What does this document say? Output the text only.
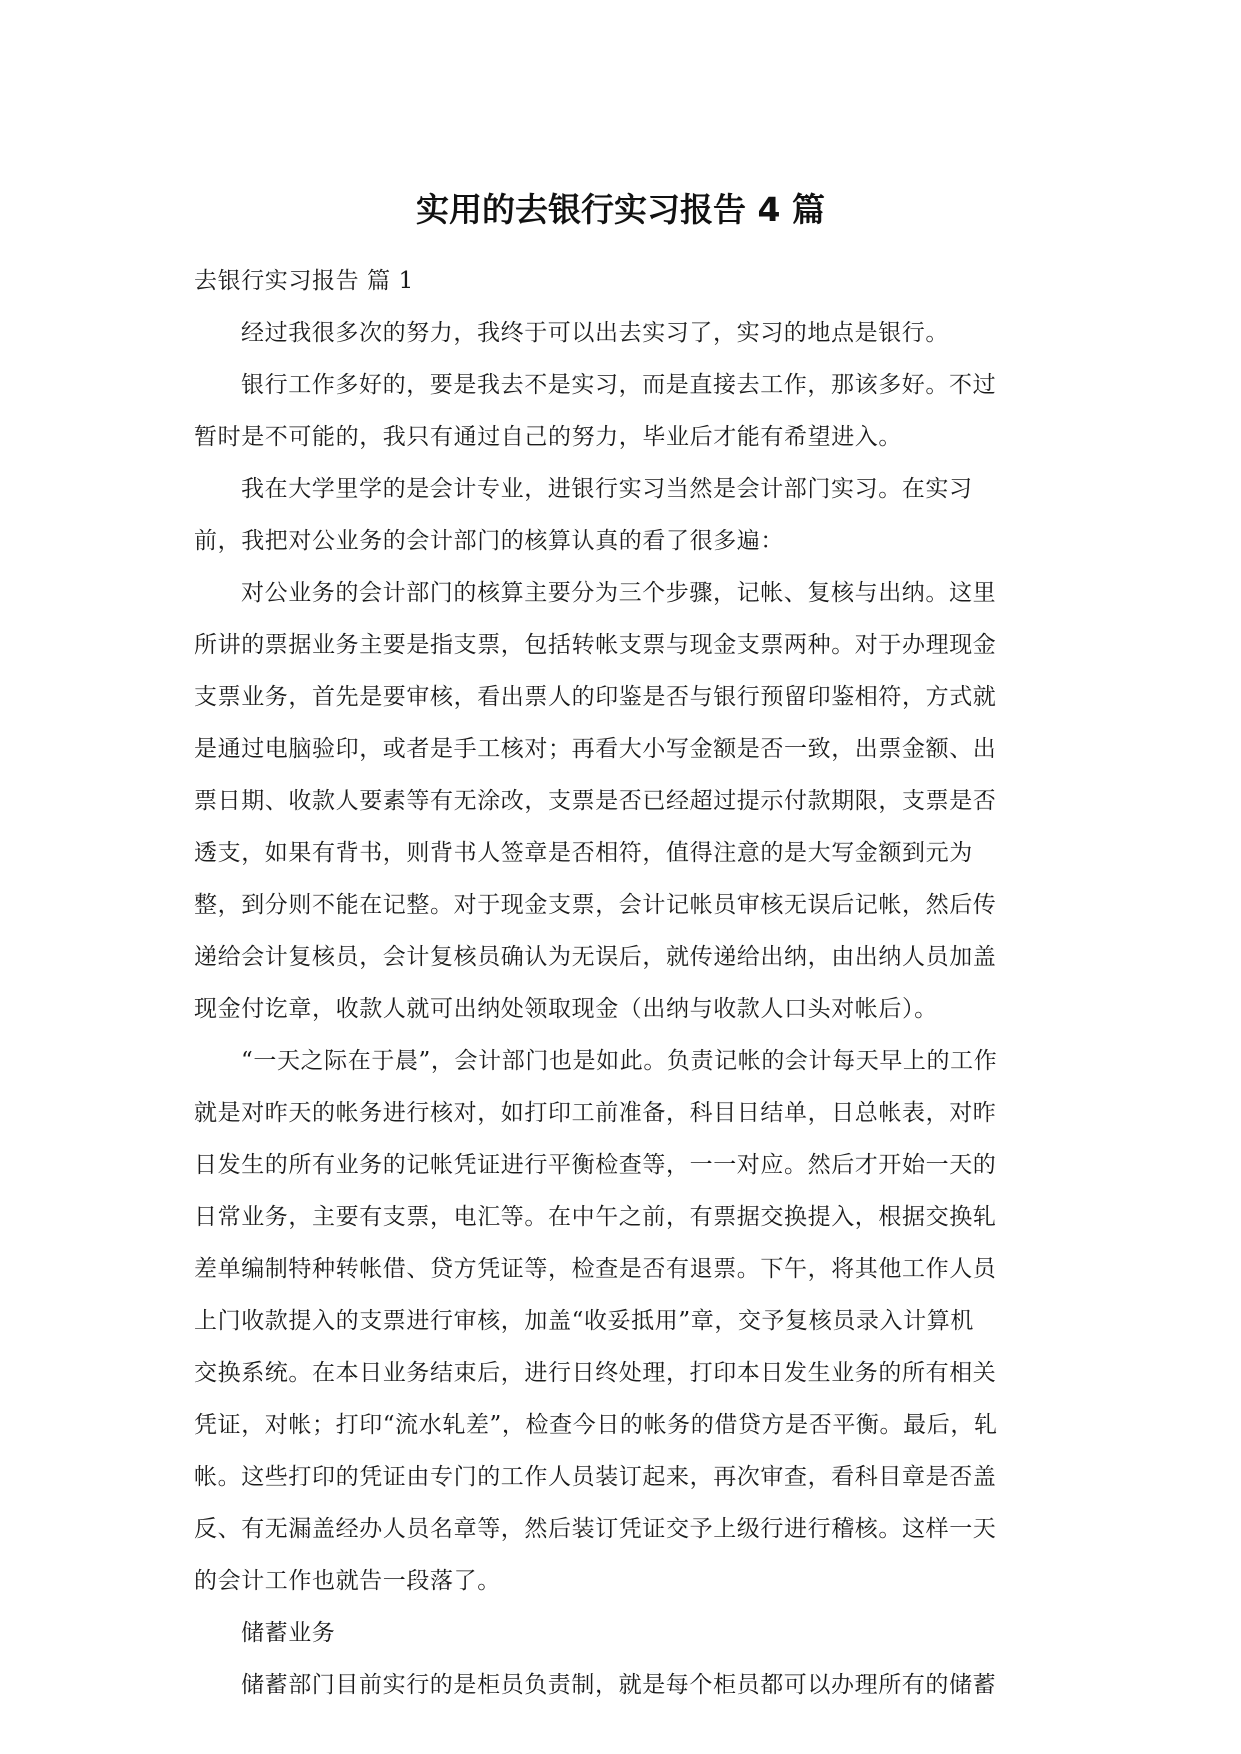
实用的去银行实习报告 4 篇

去银行实习报告 篇 1

经过我很多次的努力，我终于可以出去实习了，实习的地点是银行。

银行工作多好的，要是我去不是实习，而是直接去工作，那该多好。不过

暂时是不可能的，我只有通过自己的努力，毕业后才能有希望进入。

我在大学里学的是会计专业，进银行实习当然是会计部门实习。在实习

前，我把对公业务的会计部门的核算认真的看了很多遍：

对公业务的会计部门的核算主要分为三个步骤，记帐、复核与出纳。这里

所讲的票据业务主要是指支票，包括转帐支票与现金支票两种。对于办理现金

支票业务，首先是要审核，看出票人的印鉴是否与银行预留印鉴相符，方式就

是通过电脑验印，或者是手工核对；再看大小写金额是否一致，出票金额、出

票日期、收款人要素等有无涂改，支票是否已经超过提示付款期限，支票是否

透支，如果有背书，则背书人签章是否相符，值得注意的是大写金额到元为

整，到分则不能在记整。对于现金支票，会计记帐员审核无误后记帐，然后传

递给会计复核员，会计复核员确认为无误后，就传递给出纳，由出纳人员加盖

现金付讫章，收款人就可出纳处领取现金（出纳与收款人口头对帐后）。

“一天之际在于晨”，会计部门也是如此。负责记帐的会计每天早上的工作

就是对昨天的帐务进行核对，如打印工前准备，科目日结单，日总帐表，对昨

日发生的所有业务的记帐凭证进行平衡检查等，一一对应。然后才开始一天的

日常业务，主要有支票，电汇等。在中午之前，有票据交换提入，根据交换轧

差单编制特种转帐借、贷方凭证等，检查是否有退票。下午，将其他工作人员

上门收款提入的支票进行审核，加盖“收妥抵用”章，交予复核员录入计算机

交换系统。在本日业务结束后，进行日终处理，打印本日发生业务的所有相关

凭证，对帐；打印“流水轧差”，检查今日的帐务的借贷方是否平衡。最后，轧

帐。这些打印的凭证由专门的工作人员装订起来，再次审查，看科目章是否盖

反、有无漏盖经办人员名章等，然后装订凭证交予上级行进行稽核。这样一天

的会计工作也就告一段落了。

储蓄业务

储蓄部门目前实行的是柜员负责制，就是每个柜员都可以办理所有的储蓄
